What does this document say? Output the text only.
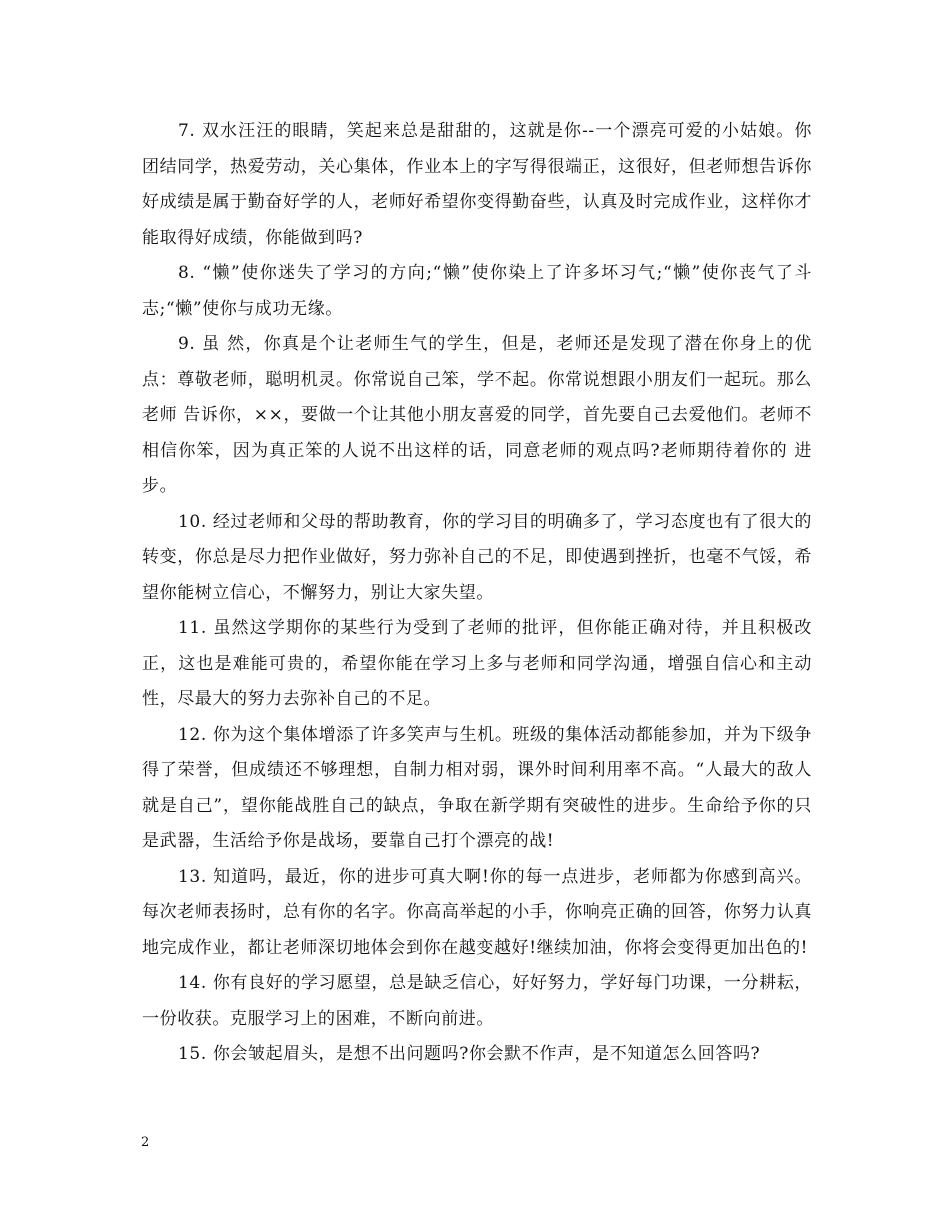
7. 双水汪汪的眼睛，笑起来总是甜甜的，这就是你--一个漂亮可爱的小姑娘。你团结同学，热爱劳动，关心集体，作业本上的字写得很端正，这很好，但老师想告诉你好成绩是属于勤奋好学的人，老师好希望你变得勤奋些，认真及时完成作业，这样你才能取得好成绩，你能做到吗?

8. “懒”使你迷失了学习的方向;“懒”使你染上了许多坏习气;“懒”使你丧气了斗志;“懒”使你与成功无缘。

9. 虽 然，你真是个让老师生气的学生，但是，老师还是发现了潜在你身上的优点：尊敬老师，聪明机灵。你常说自己笨，学不起。你常说想跟小朋友们一起玩。那么老师 告诉你，××，要做一个让其他小朋友喜爱的同学，首先要自己去爱他们。老师不相信你笨，因为真正笨的人说不出这样的话，同意老师的观点吗?老师期待着你的 进步。

10. 经过老师和父母的帮助教育，你的学习目的明确多了，学习态度也有了很大的转变，你总是尽力把作业做好，努力弥补自己的不足，即使遇到挫折，也毫不气馁，希望你能树立信心，不懈努力，别让大家失望。

11. 虽然这学期你的某些行为受到了老师的批评，但你能正确对待，并且积极改正，这也是难能可贵的，希望你能在学习上多与老师和同学沟通，增强自信心和主动性，尽最大的努力去弥补自己的不足。

12. 你为这个集体增添了许多笑声与生机。班级的集体活动都能参加，并为下级争得了荣誉，但成绩还不够理想，自制力相对弱，课外时间利用率不高。“人最大的敌人就是自己”，望你能战胜自己的缺点，争取在新学期有突破性的进步。生命给予你的只是武器，生活给予你是战场，要靠自己打个漂亮的战!

13. 知道吗，最近，你的进步可真大啊!你的每一点进步，老师都为你感到高兴。每次老师表扬时，总有你的名字。你高高举起的小手，你响亮正确的回答，你努力认真地完成作业，都让老师深切地体会到你在越变越好!继续加油，你将会变得更加出色的!

14. 你有良好的学习愿望，总是缺乏信心，好好努力，学好每门功课，一分耕耘，一份收获。克服学习上的困难，不断向前进。

15. 你会皱起眉头，是想不出问题吗?你会默不作声，是不知道怎么回答吗?

2
